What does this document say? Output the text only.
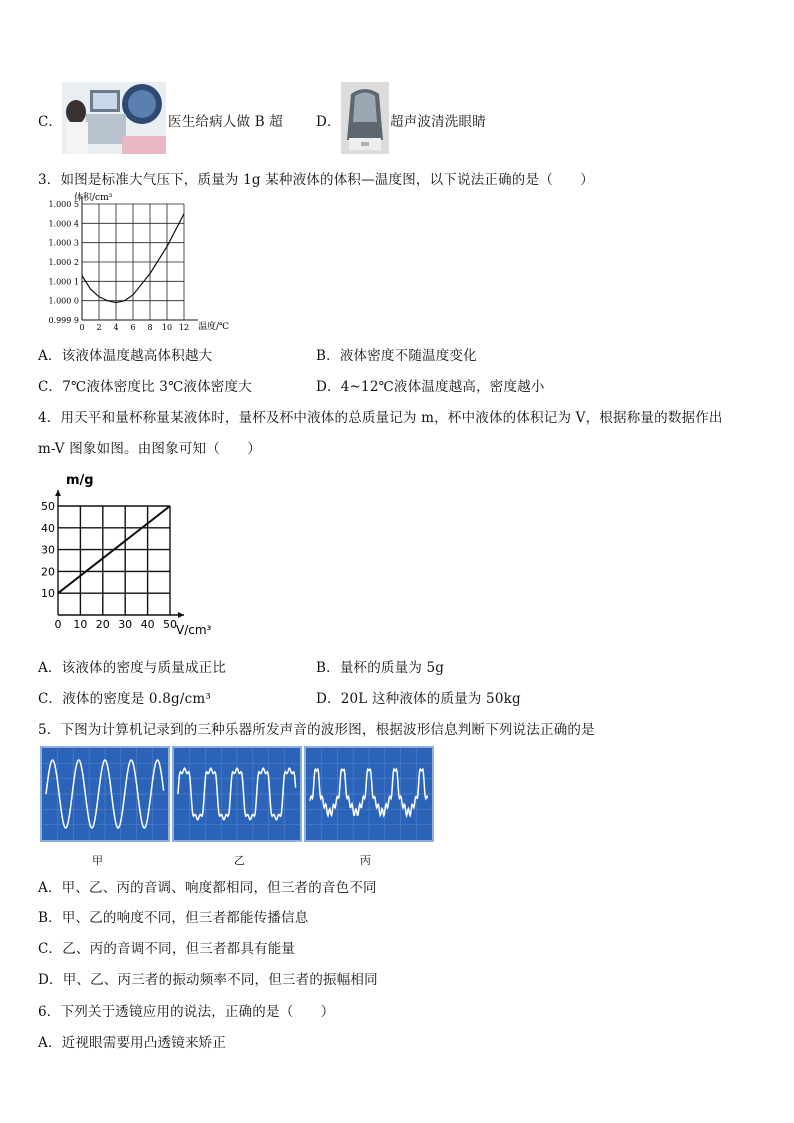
C．	医生给病人做 B 超 D．	超声波清洗眼睛
3．如图是标准大气压下，质量为 1g 某种液体的体积—温度图，以下说法正确的是（　　）
体积/cm³
温度/℃
1.000 5
1.000 4
1.000 3
1.000 2
1.000 1
1.000 0
0.999 9
0 2 4 6 8 10 12
A．该液体温度越高体积越大	B．液体密度不随温度变化
C．7℃液体密度比 3℃液体密度大	D．4~12℃液体温度越高，密度越小
4．用天平和量杯称量某液体时，量杯及杯中液体的总质量记为 m，杯中液体的体积记为 V，根据称量的数据作出
m-V 图象如图。由图象可知（　　）
m/g
V/cm³
50
40
30
20
10
0 10 20 30 40 50
A．该液体的密度与质量成正比	B．量杯的质量为 5g
C．液体的密度是 0.8g/cm³	D．20L 这种液体的质量为 50kg
5．下图为计算机记录到的三种乐器所发声音的波形图，根据波形信息判断下列说法正确的是
甲	乙	丙
A．甲、乙、丙的音调、响度都相同，但三者的音色不同
B．甲、乙的响度不同，但三者都能传播信息
C．乙、丙的音调不同，但三者都具有能量
D．甲、乙、丙三者的振动频率不同，但三者的振幅相同
6．下列关于透镜应用的说法，正确的是（　　）
A．近视眼需要用凸透镜来矫正
